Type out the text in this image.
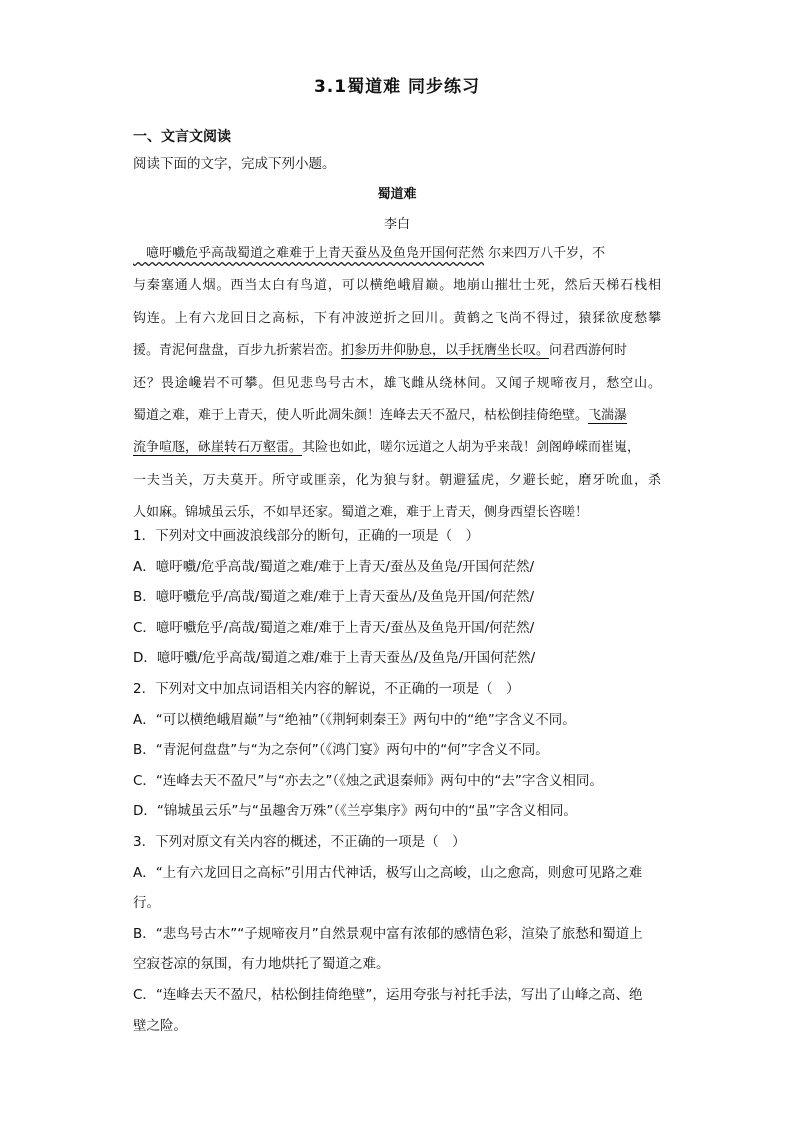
3.1蜀道难 同步练习
一、文言文阅读
阅读下面的文字，完成下列小题。
蜀道难
李白
　噫吁嚱危乎高哉蜀道之难难于上青天蚕丛及鱼凫开国何茫然 尔来四万八千岁，不
与秦塞通人烟。西当太白有鸟道，可以横绝峨眉巅。地崩山摧壮士死，然后天梯石栈相
钩连。上有六龙回日之高标，下有冲波逆折之回川。黄鹤之飞尚不得过，猿猱欲度愁攀
援。青泥何盘盘，百步九折萦岩峦。扪参历井仰胁息，以手抚膺坐长叹。问君西游何时
还？畏途巉岩不可攀。但见悲鸟号古木，雄飞雌从绕林间。又闻子规啼夜月，愁空山。
蜀道之难，难于上青天，使人听此凋朱颜！连峰去天不盈尺，枯松倒挂倚绝壁。飞湍瀑
流争喧豗，砯崖转石万壑雷。其险也如此，嗟尔远道之人胡为乎来哉！剑阁峥嵘而崔嵬，
一夫当关，万夫莫开。所守或匪亲，化为狼与豺。朝避猛虎，夕避长蛇，磨牙吮血，杀
人如麻。锦城虽云乐，不如早还家。蜀道之难，难于上青天，侧身西望长咨嗟！
1．下列对文中画波浪线部分的断句，正确的一项是（　）
A．噫吁嚱/危乎高哉/蜀道之难/难于上青天/蚕丛及鱼凫/开国何茫然/
B．噫吁嚱危乎/高哉/蜀道之难/难于上青天蚕丛/及鱼凫开国/何茫然/
C．噫吁嚱危乎/高哉/蜀道之难/难于上青天/蚕丛及鱼凫开国/何茫然/
D．噫吁嚱/危乎高哉/蜀道之难/难于上青天蚕丛/及鱼凫/开国何茫然/
2．下列对文中加点词语相关内容的解说，不正确的一项是（　）
A．“可以横绝峨眉巅”与“绝袖”（《荆轲刺秦王》两句中的“绝”字含义不同。
B．“青泥何盘盘”与“为之奈何”（《鸿门宴》两句中的“何”字含义不同。
C．“连峰去天不盈尺”与“亦去之”（《烛之武退秦师》两句中的“去”字含义相同。
D．“锦城虽云乐”与“虽趣舍万殊”（《兰亭集序》两句中的“虽”字含义相同。
3．下列对原文有关内容的概述，不正确的一项是（　）
A．“上有六龙回日之高标”引用古代神话，极写山之高峻，山之愈高，则愈可见路之难
行。
B．“悲鸟号古木”“子规啼夜月”自然景观中富有浓郁的感情色彩，渲染了旅愁和蜀道上
空寂苍凉的氛围，有力地烘托了蜀道之难。
C．“连峰去天不盈尺，枯松倒挂倚绝壁”，运用夸张与衬托手法，写出了山峰之高、绝
壁之险。
